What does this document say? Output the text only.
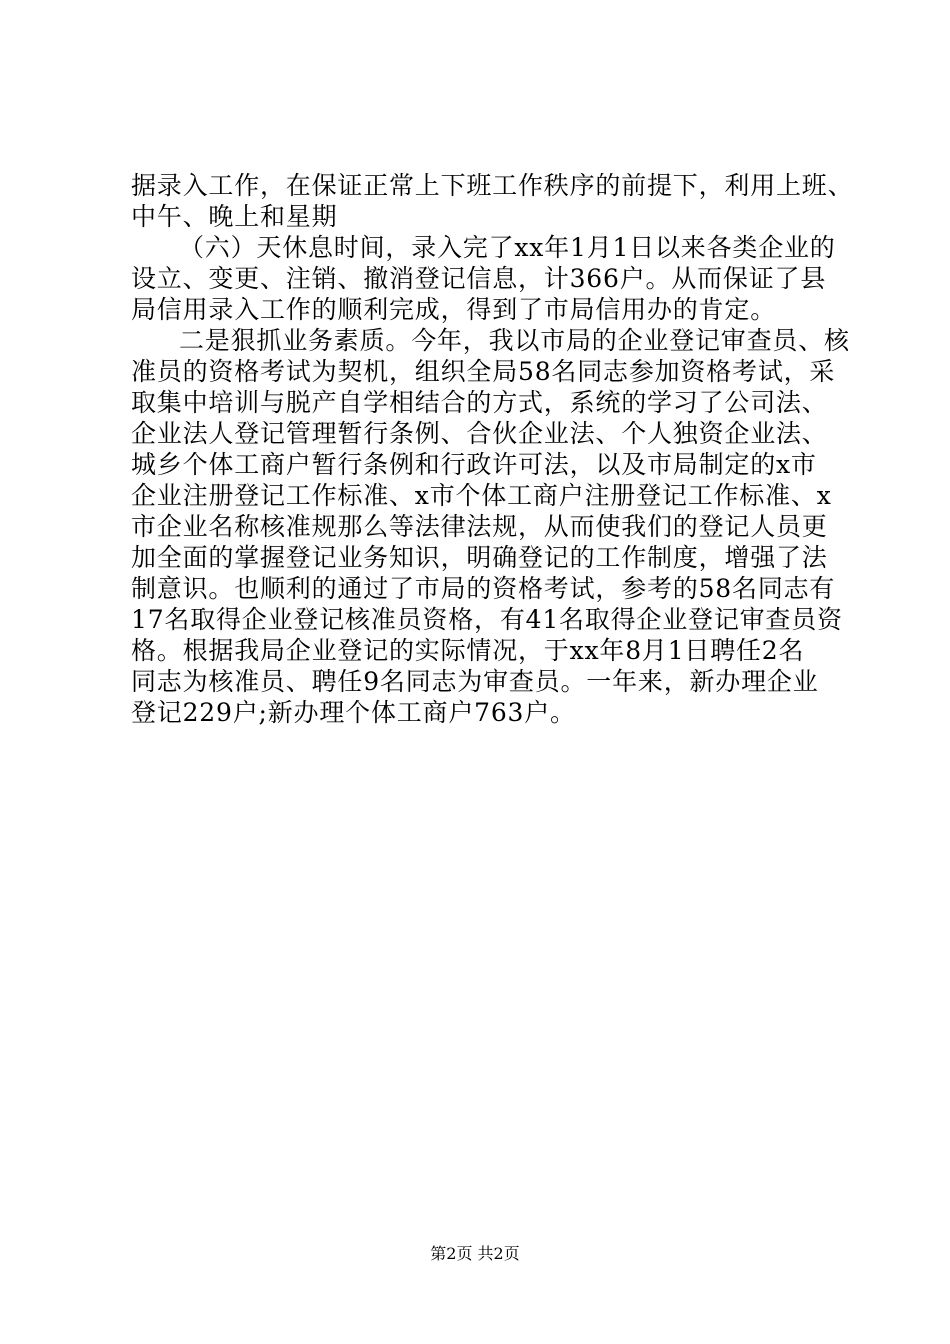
据录入工作，在保证正常上下班工作秩序的前提下，利用上班、
中午、晚上和星期
（六）天休息时间，录入完了xx年1月1日以来各类企业的
设立、变更、注销、撤消登记信息，计366户。从而保证了县
局信用录入工作的顺利完成，得到了市局信用办的肯定。
二是狠抓业务素质。今年，我以市局的企业登记审查员、核
准员的资格考试为契机，组织全局58名同志参加资格考试，采
取集中培训与脱产自学相结合的方式，系统的学习了公司法、
企业法人登记管理暂行条例、合伙企业法、个人独资企业法、
城乡个体工商户暂行条例和行政许可法，以及市局制定的x市
企业注册登记工作标准、x市个体工商户注册登记工作标准、x
市企业名称核准规那么等法律法规，从而使我们的登记人员更
加全面的掌握登记业务知识，明确登记的工作制度，增强了法
制意识。也顺利的通过了市局的资格考试，参考的58名同志有
17名取得企业登记核准员资格，有41名取得企业登记审查员资
格。根据我局企业登记的实际情况，于xx年8月1日聘任2名
同志为核准员、聘任9名同志为审查员。一年来，新办理企业
登记229户;新办理个体工商户763户。
第2页 共2页
